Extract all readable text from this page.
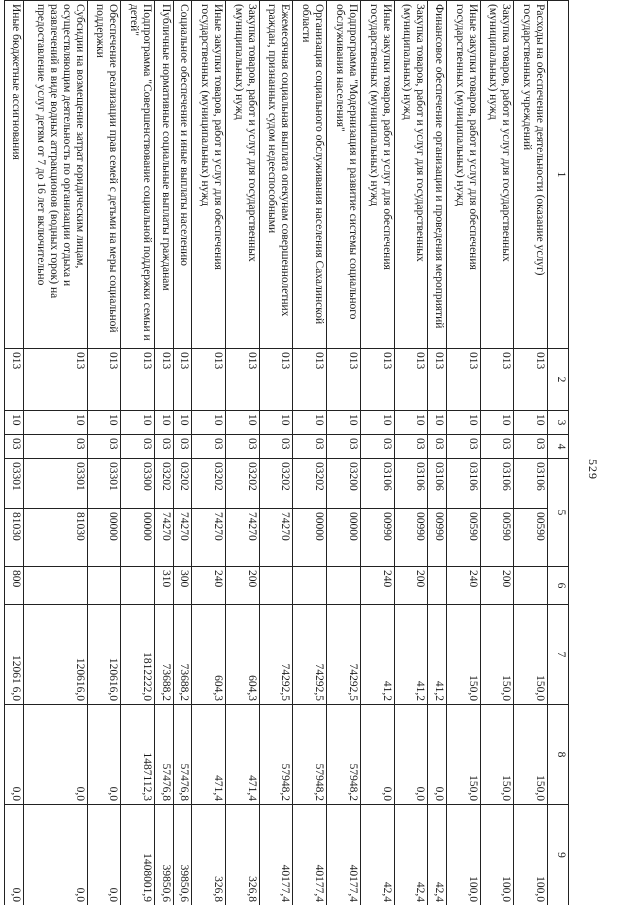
529
1	2	3	4	5		6	7	8	9
Расходы на обеспечение деятельности (оказание услуг) государственных учреждений	013	10	03	03106	00590		150,0	150,0	100,0
Закупка товаров, работ и услуг для государственных (муниципальных) нужд	013	10	03	03106	00590	200	150,0	150,0	100,0
Иные закупки товаров, работ и услуг для обеспечения государственных (муниципальных) нужд	013	10	03	03106	00590	240	150,0	150,0	100,0
Финансовое обеспечение организации и проведения мероприятий	013	10	03	03106	00990		41,2	0,0	42,4
Закупка товаров, работ и услуг для государственных (муниципальных) нужд	013	10	03	03106	00990	200	41,2	0,0	42,4
Иные закупки товаров, работ и услуг для обеспечения государственных (муниципальных) нужд	013	10	03	03106	00990	240	41,2	0,0	42,4
Подпрограмма "Модернизация и развитие системы социального обслуживания населения"	013	10	03	03200	00000		74292,5	57948,2	40177,4
Организация социального обслуживания населения Сахалинской области	013	10	03	03202	00000		74292,5	57948,2	40177,4
Ежемесячная социальная выплата опекунам совершеннолетних граждан, признанных судом недееспособными	013	10	03	03202	74270		74292,5	57948,2	40177,4
Закупка товаров, работ и услуг для государственных (муниципальных) нужд	013	10	03	03202	74270	200	604,3	471,4	326,8
Иные закупки товаров, работ и услуг для обеспечения государственных (муниципальных) нужд	013	10	03	03202	74270	240	604,3	471,4	326,8
Социальное обеспечение и иные выплаты населению	013	10	03	03202	74270	300	73688,2	57476,8	39850,6
Публичные нормативные социальные выплаты гражданам	013	10	03	03202	74270	310	73688,2	57476,8	39850,6
Подпрограмма "Совершенствование социальной поддержки семьи и детей"	013	10	03	03300	00000		1812222,0	1487112,3	1408001,9
Обеспечение реализации прав семей с детьми на меры социальной поддержки	013	10	03	03301	00000		120616,0	0,0	0,0
Субсидии на возмещение затрат юридическим лицам, осуществляющим деятельность по организации отдыха и развлечений в виде водных аттракционов (водных горок) на предоставление услуг детям от 7 до 16 лет включительно	013	10	03	03301	81030		120616,0	0,0	0,0
Иные бюджетные ассигнования	013	10	03	03301	81030	800	12061 6,0	0,0	0,0
